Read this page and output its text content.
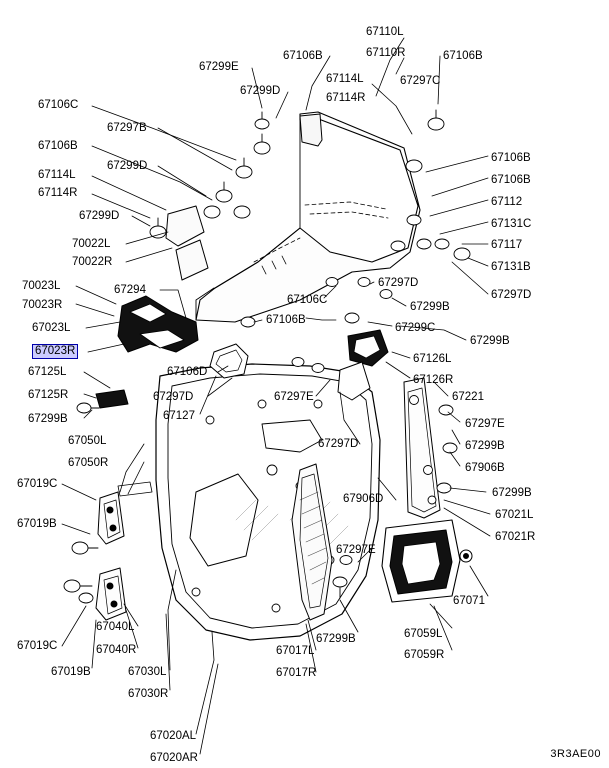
3R3AE00
67110L
67106B	67110R	67106B
67299E
67114L	67297C
67299D
67114R
67106C
67297B
67106B
67106B
67299D
67114L	67106B
67114R
67112
67299D
67131C
70022L	67117
70022R	67131B
70023L	67294
67297D
67297D
70023R	67106C
67299B
67023L
67106B
67299C
67299B
67023R
67126L
67125L	67106D
67126R
67125R	67297D	67297E	67221
67299B	67127
67297E
67297D	67299B
67050L
67050R	67906B
67019C
67299B
67906D
67019B
67021L
67021R
67297E
67071
67040L
67299B	67059L
67019C	67040R	67017L	67059R
67019B	67030L	67017R
67030R
67020AL
67020AR
